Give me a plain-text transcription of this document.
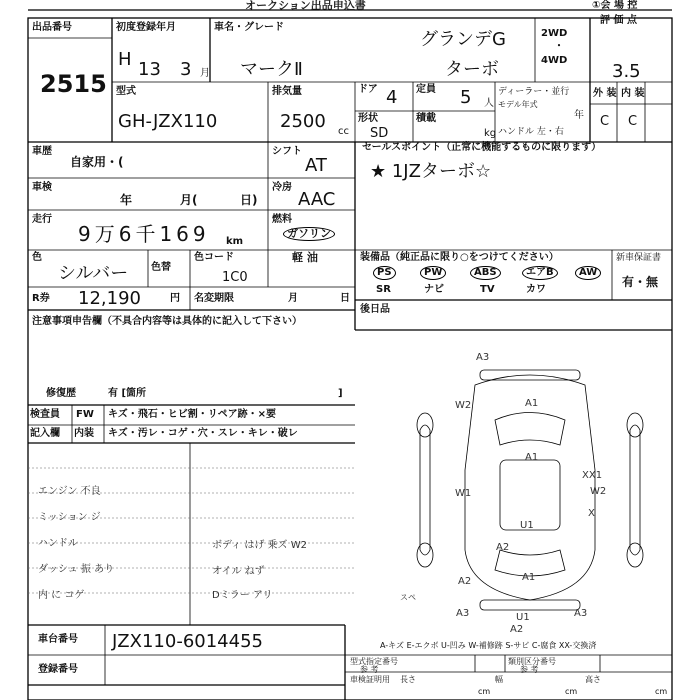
オークション出品申込書	①会 場 控
出品番号
2515
初度登録年月
H 13 3 月
車名・グレード
グランデG
マークⅡ	ターボ
2WD
・
4WD
評 価 点
3.5
外 装 内 装
C C
型式
GH-JZX110
排気量
2500 cc
ドア 4 定員 5 人
形状
SD
積載
kg
ディーラー・並行
モデル年式
年
ハンドル 左・右
車歴
自家用・(
シフト
AT
セールスポイント（正常に機能するものに限ります）
★ 1JZターボ☆
車検
年	月(	日)
冷房
AAC
走行
9万6千169 km
燃料
ガソリン
軽 油
色
シルバー 色替
色コード
1C0
装備品（純正品に限り○をつけてください）
PS	PW	ABS	エアB	AW
SR	ナビ	TV	カワ
新車保証書
有・無
R券 12,190	円 名変期限	月	日
後日品
注意事項申告欄（不具合内容等は具体的に記入して下さい）
修復歴	有 [箇所	]
検査員 FW キズ・飛石・ヒビ割・リペア跡・×要
記入欄 内装 キズ・汚レ・コゲ・穴・スレ・キレ・破レ
エンジン 不良
ミッション ジ
ハンドル
ダッシュ 振 あり
内 に コゲ
ボディ はげ 乗ズ W2
オイル ねず
Dミラー アリ
A3
A1
W2
A1
W1
XX1
W2
X
U1
A2
A1
A2
A3	U1	A3
A2
スペ
A-キズ E-エクボ U-凹み W-補修跡 S-サビ C-腐食 XX-交換済
車台番号 JZX110-6014455
登録番号
型式指定番号
参 考
類別区分番号
参 考
車検証明用 長さ
cm
幅
cm
高さ
cm
